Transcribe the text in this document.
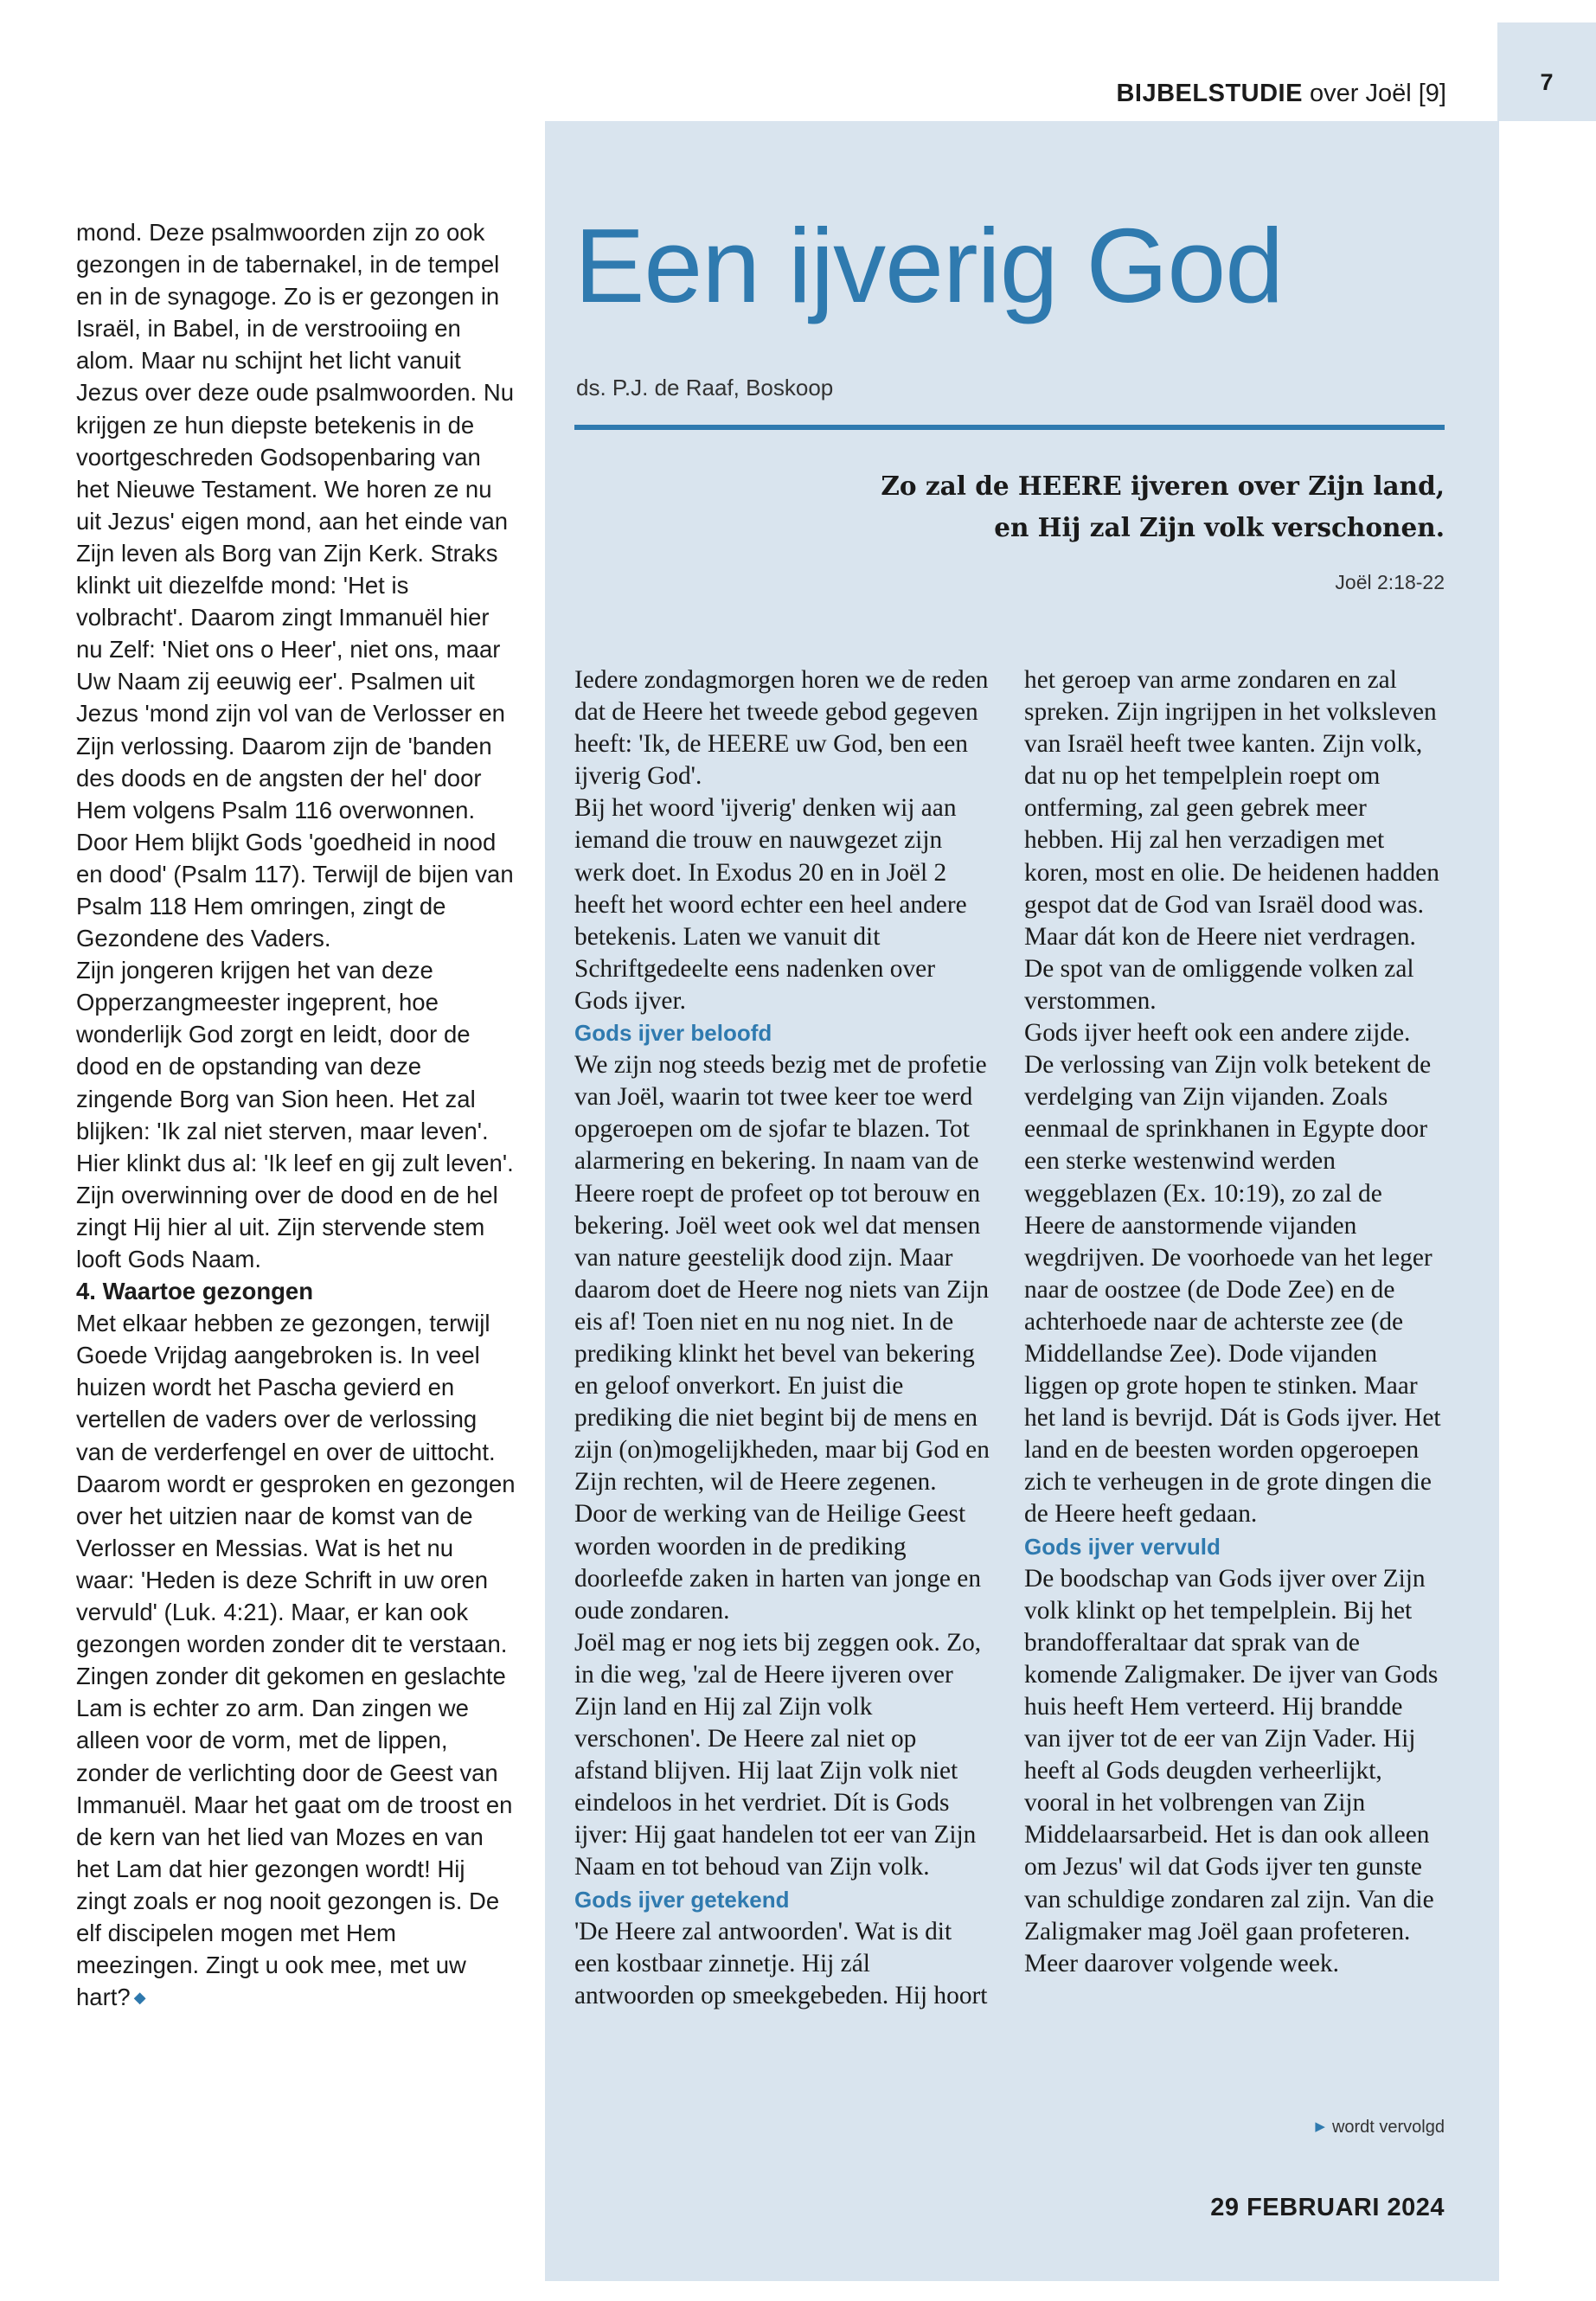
7
BIJBELSTUDIE over Joël [9]

mond. Deze psalmwoorden zijn zo ook gezongen in de tabernakel, in de tempel en in de synagoge. Zo is er gezongen in Israël, in Babel, in de verstrooiing en alom. Maar nu schijnt het licht vanuit Jezus over deze oude psalmwoorden. Nu krijgen ze hun diepste betekenis in de voortgeschreden Godsopenbaring van het Nieuwe Testament. We horen ze nu uit Jezus' eigen mond, aan het einde van Zijn leven als Borg van Zijn Kerk. Straks klinkt uit diezelfde mond: 'Het is volbracht'. Daarom zingt Immanuël hier nu Zelf: 'Niet ons o Heer', niet ons, maar Uw Naam zij eeuwig eer'. Psalmen uit Jezus 'mond zijn vol van de Verlosser en Zijn verlossing. Daarom zijn de 'banden des doods en de angsten der hel' door Hem volgens Psalm 116 overwonnen. Door Hem blijkt Gods 'goedheid in nood en dood' (Psalm 117). Terwijl de bijen van Psalm 118 Hem omringen, zingt de Gezondene des Vaders.

Zijn jongeren krijgen het van deze Opperzangmeester ingeprent, hoe wonderlijk God zorgt en leidt, door de dood en de opstanding van deze zingende Borg van Sion heen. Het zal blijken: 'Ik zal niet sterven, maar leven'. Hier klinkt dus al: 'Ik leef en gij zult leven'. Zijn overwinning over de dood en de hel zingt Hij hier al uit. Zijn stervende stem looft Gods Naam.

4. Waartoe gezongen

Met elkaar hebben ze gezongen, terwijl Goede Vrijdag aangebroken is. In veel huizen wordt het Pascha gevierd en vertellen de vaders over de verlossing van de verderfengel en over de uittocht. Daarom wordt er gesproken en gezongen over het uitzien naar de komst van de Verlosser en Messias. Wat is het nu waar: 'Heden is deze Schrift in uw oren vervuld' (Luk. 4:21). Maar, er kan ook gezongen worden zonder dit te verstaan. Zingen zonder dit gekomen en geslachte Lam is echter zo arm. Dan zingen we alleen voor de vorm, met de lippen, zonder de verlichting door de Geest van Immanuël. Maar het gaat om de troost en de kern van het lied van Mozes en van het Lam dat hier gezongen wordt! Hij zingt zoals er nog nooit gezongen is. De elf discipelen mogen met Hem meezingen. Zingt u ook mee, met uw hart? ◆

Een ijverig God
ds. P.J. de Raaf, Boskoop
Zo zal de HEERE ijveren over Zijn land,
en Hij zal Zijn volk verschonen.
Joël 2:18-22

Iedere zondagmorgen horen we de reden dat de Heere het tweede gebod gegeven heeft: 'Ik, de HEERE uw God, ben een ijverig God'.

Bij het woord 'ijverig' denken wij aan iemand die trouw en nauwgezet zijn werk doet. In Exodus 20 en in Joël 2 heeft het woord echter een heel andere betekenis. Laten we vanuit dit Schriftgedeelte eens nadenken over Gods ijver.

Gods ijver beloofd

We zijn nog steeds bezig met de profetie van Joël, waarin tot twee keer toe werd opgeroepen om de sjofar te blazen. Tot alarmering en bekering. In naam van de Heere roept de profeet op tot berouw en bekering. Joël weet ook wel dat mensen van nature geestelijk dood zijn. Maar daarom doet de Heere nog niets van Zijn eis af! Toen niet en nu nog niet. In de prediking klinkt het bevel van bekering en geloof onverkort. En juist die prediking die niet begint bij de mens en zijn (on)mogelijkheden, maar bij God en Zijn rechten, wil de Heere zegenen. Door de werking van de Heilige Geest worden woorden in de prediking doorleefde zaken in harten van jonge en oude zondaren.

Joël mag er nog iets bij zeggen ook. Zo, in die weg, 'zal de Heere ijveren over Zijn land en Hij zal Zijn volk verschonen'. De Heere zal niet op afstand blijven. Hij laat Zijn volk niet eindeloos in het verdriet. Dít is Gods ijver: Hij gaat handelen tot eer van Zijn Naam en tot behoud van Zijn volk.

Gods ijver getekend

'De Heere zal antwoorden'. Wat is dit een kostbaar zinnetje. Hij zál antwoorden op smeekgebeden. Hij hoort

het geroep van arme zondaren en zal spreken. Zijn ingrijpen in het volksleven van Israël heeft twee kanten. Zijn volk, dat nu op het tempelplein roept om ontferming, zal geen gebrek meer hebben. Hij zal hen verzadigen met koren, most en olie. De heidenen hadden gespot dat de God van Israël dood was. Maar dát kon de Heere niet verdragen. De spot van de omliggende volken zal verstommen.

Gods ijver heeft ook een andere zijde. De verlossing van Zijn volk betekent de verdelging van Zijn vijanden. Zoals eenmaal de sprinkhanen in Egypte door een sterke westenwind werden weggeblazen (Ex. 10:19), zo zal de Heere de aanstormende vijanden wegdrijven. De voorhoede van het leger naar de oostzee (de Dode Zee) en de achterhoede naar de achterste zee (de Middellandse Zee). Dode vijanden liggen op grote hopen te stinken. Maar het land is bevrijd. Dát is Gods ijver. Het land en de beesten worden opgeroepen zich te verheugen in de grote dingen die de Heere heeft gedaan.

Gods ijver vervuld

De boodschap van Gods ijver over Zijn volk klinkt op het tempelplein. Bij het brandofferaltaar dat sprak van de komende Zaligmaker. De ijver van Gods huis heeft Hem verteerd. Hij brandde van ijver tot de eer van Zijn Vader. Hij heeft al Gods deugden verheerlijkt, vooral in het volbrengen van Zijn Middelaarsarbeid. Het is dan ook alleen om Jezus' wil dat Gods ijver ten gunste van schuldige zondaren zal zijn. Van die Zaligmaker mag Joël gaan profeteren. Meer daarover volgende week.

▶ wordt vervolgd
29 FEBRUARI 2024
